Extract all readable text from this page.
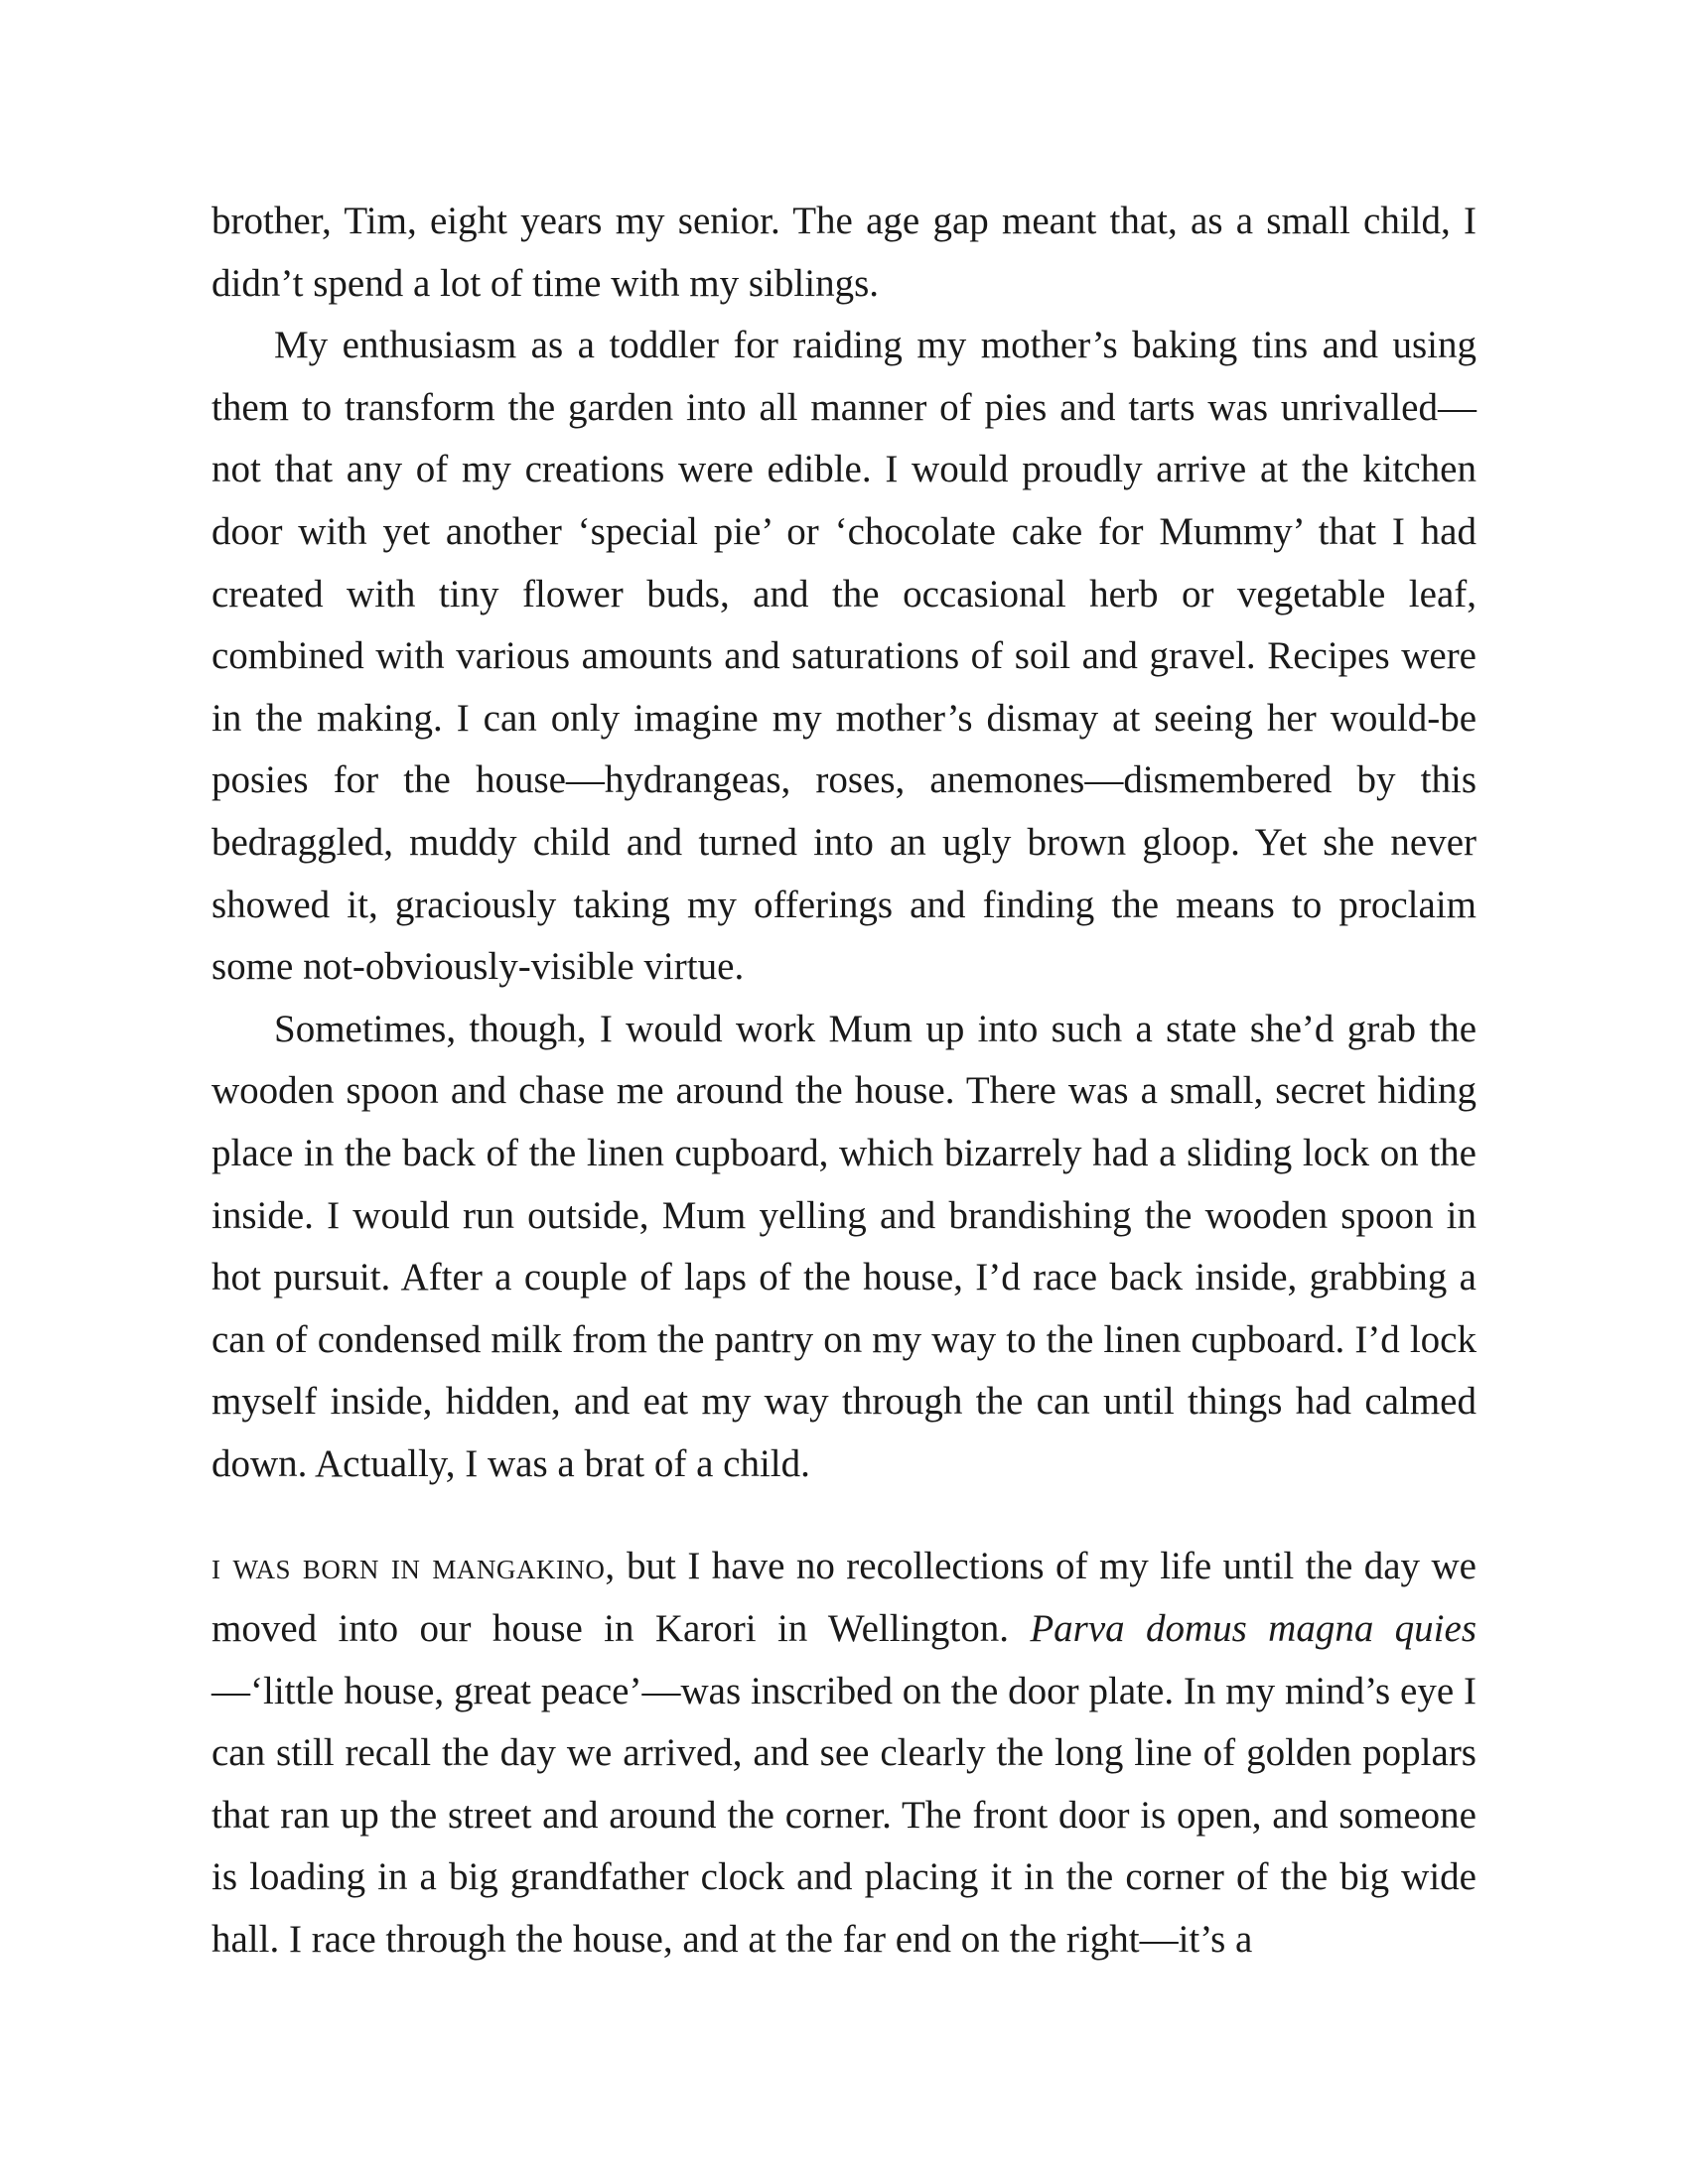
brother, Tim, eight years my senior. The age gap meant that, as a small child, I didn’t spend a lot of time with my siblings.

My enthusiasm as a toddler for raiding my mother’s baking tins and using them to transform the garden into all manner of pies and tarts was unrivalled—not that any of my creations were edible. I would proudly arrive at the kitchen door with yet another ‘special pie’ or ‘chocolate cake for Mummy’ that I had created with tiny flower buds, and the occasional herb or vegetable leaf, combined with various amounts and saturations of soil and gravel. Recipes were in the making. I can only imagine my mother’s dismay at seeing her would-be posies for the house—hydrangeas, roses, anemones—dismembered by this bedraggled, muddy child and turned into an ugly brown gloop. Yet she never showed it, graciously taking my offerings and finding the means to proclaim some not-obviously-visible virtue.

Sometimes, though, I would work Mum up into such a state she’d grab the wooden spoon and chase me around the house. There was a small, secret hiding place in the back of the linen cupboard, which bizarrely had a sliding lock on the inside. I would run outside, Mum yelling and brandishing the wooden spoon in hot pursuit. After a couple of laps of the house, I’d race back inside, grabbing a can of condensed milk from the pantry on my way to the linen cupboard. I’d lock myself inside, hidden, and eat my way through the can until things had calmed down. Actually, I was a brat of a child.

i was born in mangakino, but I have no recollections of my life until the day we moved into our house in Karori in Wellington. Parva domus magna quies —‘little house, great peace’—was inscribed on the door plate. In my mind’s eye I can still recall the day we arrived, and see clearly the long line of golden poplars that ran up the street and around the corner. The front door is open, and someone is loading in a big grandfather clock and placing it in the corner of the big wide hall. I race through the house, and at the far end on the right—it’s a
